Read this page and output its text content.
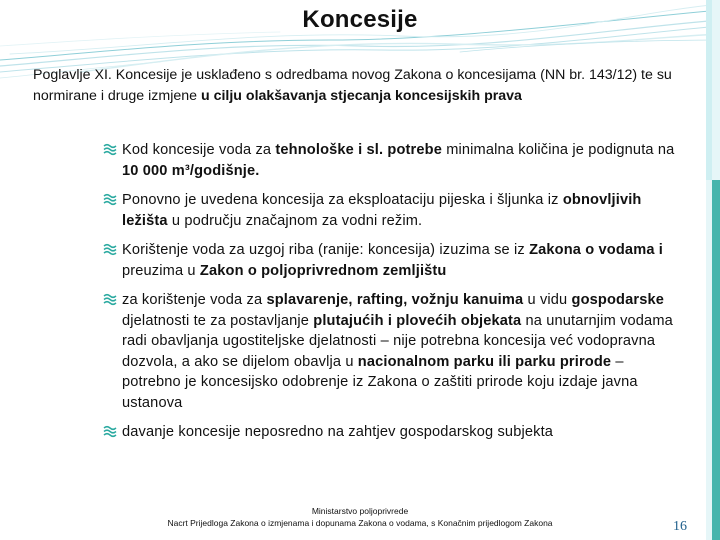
Koncesije
Poglavlje XI. Koncesije je usklađeno s odredbama novog Zakona o koncesijama (NN br. 143/12) te su normirane i druge izmjene u cilju olakšavanja stjecanja koncesijskih prava
Kod koncesije voda za tehnološke i sl. potrebe minimalna količina je podignuta na 10 000 m³/godišnje.
Ponovno je uvedena koncesija za eksploataciju pijeska i šljunka iz obnovljivih ležišta u području značajnom za vodni režim.
Korištenje voda za uzgoj riba (ranije: koncesija) izuzima se iz Zakona o vodama i preuzima u Zakon o poljoprivrednom zemljištu
za korištenje voda za splavarenje, rafting, vožnju kanuima u vidu gospodarske djelatnosti te za postavljanje plutajućih i plovećih objekata na unutarnjim vodama radi obavljanja ugostiteljske djelatnosti – nije potrebna koncesija već vodopravna dozvola, a ako se dijelom obavlja u nacionalnom parku ili parku prirode – potrebno je koncesijsko odobrenje iz Zakona o zaštiti prirode koju izdaje javna ustanova
davanje koncesije neposredno na zahtjev gospodarskog subjekta
Ministarstvo poljoprivrede
Nacrt Prijedloga Zakona o izmjenama i dopunama Zakona o vodama, s Konačnim prijedlogom Zakona	16
